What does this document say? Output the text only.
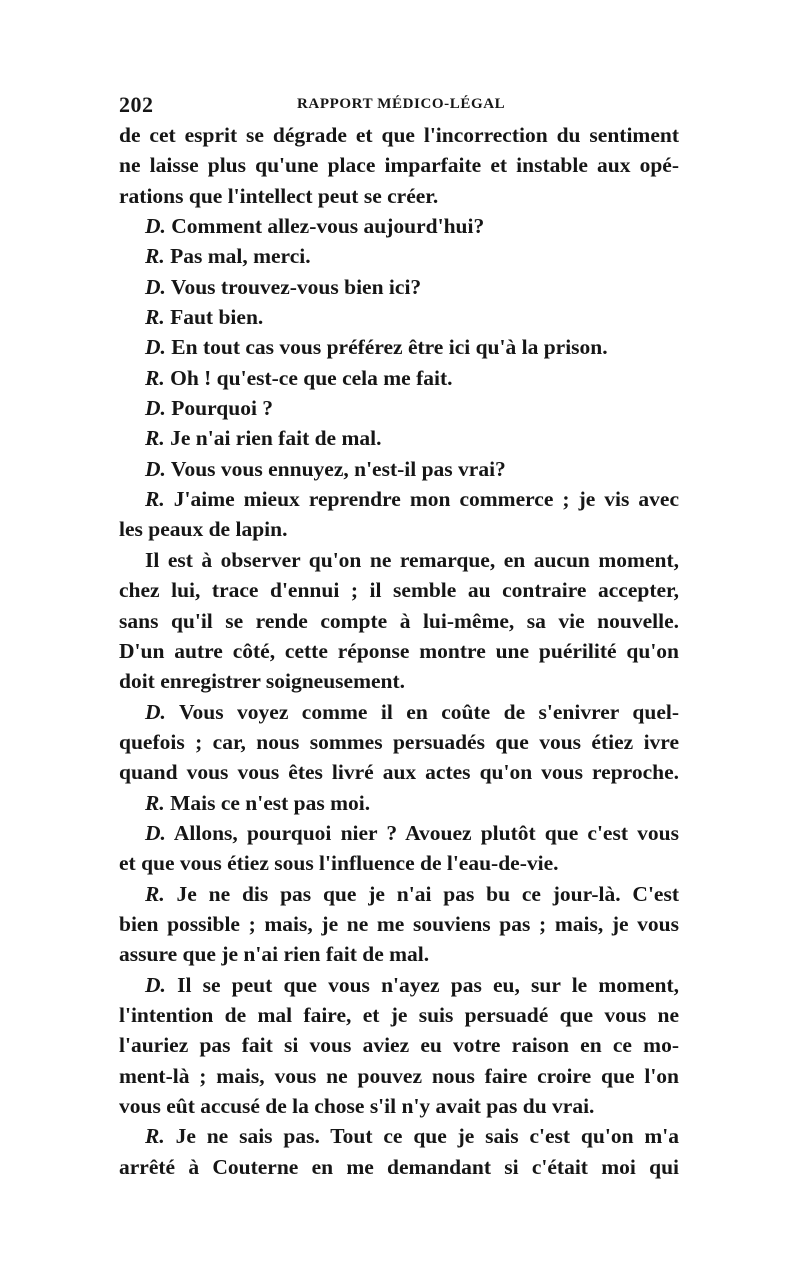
202	RAPPORT MÉDICO-LÉGAL
de cet esprit se dégrade et que l'incorrection du sentiment
ne laisse plus qu'une place imparfaite et instable aux opé-
rations que l'intellect peut se créer.
D. Comment allez-vous aujourd'hui?
R. Pas mal, merci.
D. Vous trouvez-vous bien ici?
R. Faut bien.
D. En tout cas vous préférez être ici qu'à la prison.
R. Oh ! qu'est-ce que cela me fait.
D. Pourquoi ?
R. Je n'ai rien fait de mal.
D. Vous vous ennuyez, n'est-il pas vrai?
R. J'aime mieux reprendre mon commerce ; je vis avec
les peaux de lapin.
Il est à observer qu'on ne remarque, en aucun moment,
chez lui, trace d'ennui ; il semble au contraire accepter,
sans qu'il se rende compte à lui-même, sa vie nouvelle.
D'un autre côté, cette réponse montre une puérilité qu'on
doit enregistrer soigneusement.
D. Vous voyez comme il en coûte de s'enivrer quel-
quefois ; car, nous sommes persuadés que vous étiez ivre
quand vous vous êtes livré aux actes qu'on vous reproche.
R. Mais ce n'est pas moi.
D. Allons, pourquoi nier ? Avouez plutôt que c'est vous
et que vous étiez sous l'influence de l'eau-de-vie.
R. Je ne dis pas que je n'ai pas bu ce jour-là. C'est
bien possible ; mais, je ne me souviens pas ; mais, je vous
assure que je n'ai rien fait de mal.
D. Il se peut que vous n'ayez pas eu, sur le moment,
l'intention de mal faire, et je suis persuadé que vous ne
l'auriez pas fait si vous aviez eu votre raison en ce mo-
ment-là ; mais, vous ne pouvez nous faire croire que l'on
vous eût accusé de la chose s'il n'y avait pas du vrai.
R. Je ne sais pas. Tout ce que je sais c'est qu'on m'a
arrêté à Couterne en me demandant si c'était moi qui
